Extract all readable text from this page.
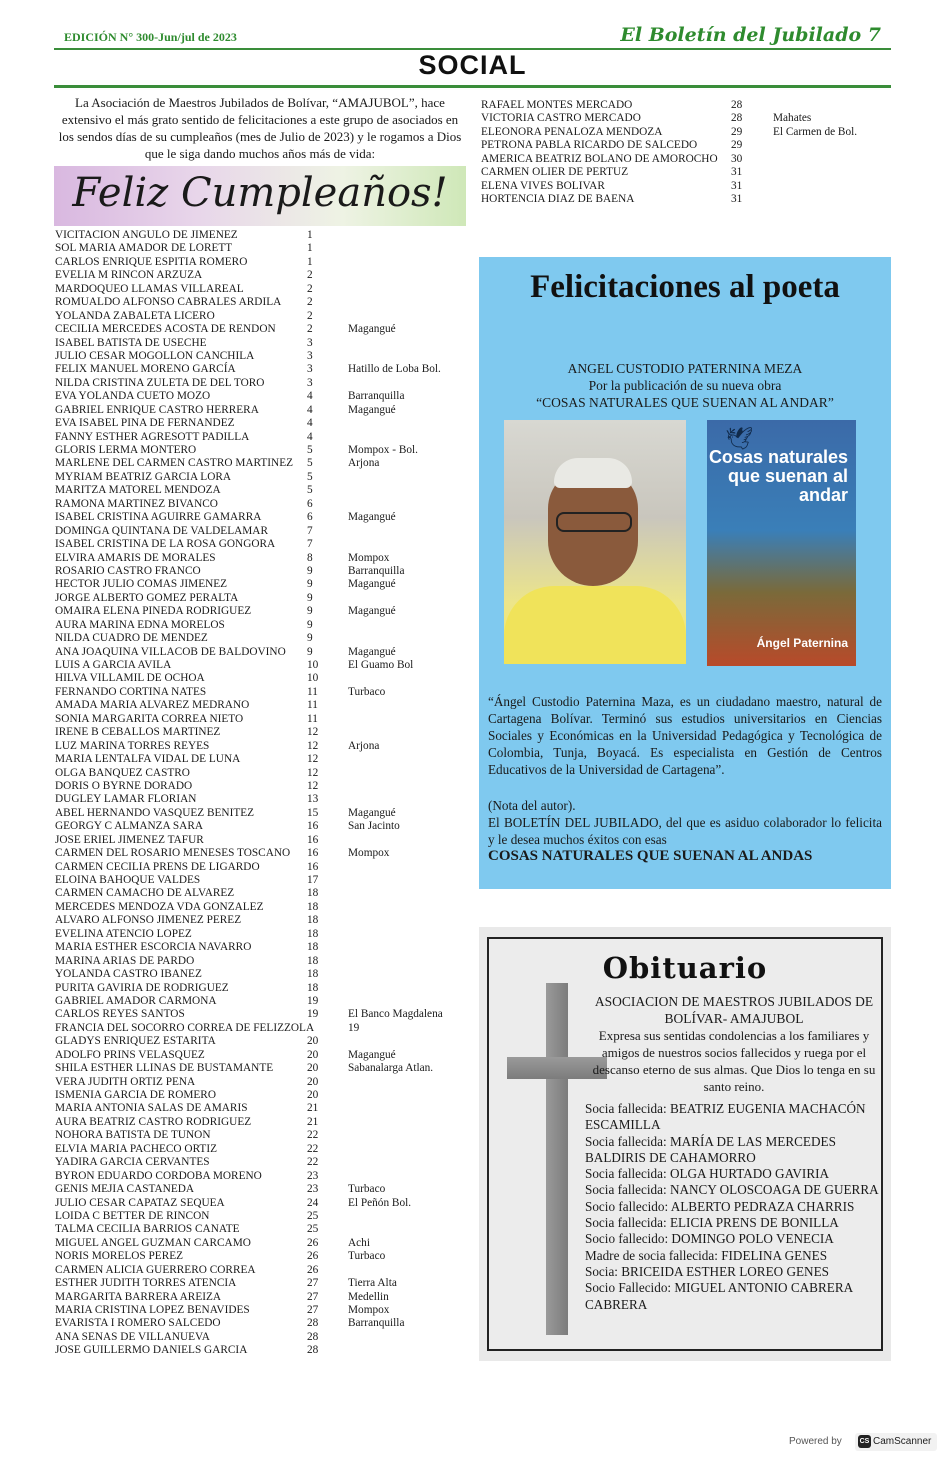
EDICIÓN N° 300-Jun/jul de 2023	El Boletín del Jubilado 7
SOCIAL
La Asociación de Maestros Jubilados de Bolívar, “AMAJUBOL”, hace extensivo el más grato sentido de felicitaciones a este grupo de asociados en los sendos días de su cumpleaños (mes de Julio de 2023) y le rogamos a Dios que le siga dando muchos años más de vida:
Feliz Cumpleaños!
VICITACION ANGULO DE JIMENEZ	1
SOL MARIA AMADOR DE LORETT	1
CARLOS ENRIQUE ESPITIA ROMERO	1
EVELIA M RINCON ARZUZA	2
MARDOQUEO LLAMAS VILLAREAL	2
ROMUALDO ALFONSO CABRALES ARDILA 2
YOLANDA ZABALETA LICERO	2
CECILIA MERCEDES ACOSTA DE RENDON	2	Magangué
ISABEL BATISTA DE USECHE	3
JULIO CESAR MOGOLLON CANCHILA	3
FELIX MANUEL MORENO GARCÍA	3	Hatillo de Loba Bol.
NILDA CRISTINA ZULETA DE DEL TORO	3
EVA YOLANDA CUETO MOZO	4	Barranquilla
GABRIEL ENRIQUE CASTRO HERRERA	4	Magangué
EVA ISABEL PINA DE FERNANDEZ	4
FANNY ESTHER AGRESOTT PADILLA	4
GLORIS LERMA MONTERO	5	Mompox - Bol.
MARLENE DEL CARMEN CASTRO MARTINEZ 5	Arjona
MYRIAM BEATRIZ GARCIA LORA	5
MARITZA MATOREL MENDOZA	5
RAMONA MARTINEZ BIVANCO	6
ISABEL CRISTINA AGUIRRE GAMARRA	6	Magangué
DOMINGA QUINTANA DE VALDELAMAR	7
ISABEL CRISTINA DE LA ROSA GONGORA	7
ELVIRA AMARIS DE MORALES	8	Mompox
ROSARIO CASTRO FRANCO	9	Barranquilla
HECTOR JULIO COMAS JIMENEZ	9	Magangué
JORGE ALBERTO GOMEZ PERALTA	9
OMAIRA ELENA PINEDA RODRIGUEZ	9	Magangué
AURA MARINA EDNA MORELOS	9
NILDA CUADRO DE MENDEZ	9
ANA JOAQUINA VILLACOB DE BALDOVINO 9	Magangué
LUIS A GARCIA AVILA	10	El Guamo Bol
HILVA VILLAMIL DE OCHOA	10
FERNANDO CORTINA NATES	11	Turbaco
AMADA MARIA ALVAREZ MEDRANO	11
SONIA MARGARITA CORREA NIETO	11
IRENE B CEBALLOS MARTINEZ	12
LUZ MARINA TORRES REYES	12	Arjona
MARIA LENTALFA VIDAL DE LUNA	12
OLGA BANQUEZ CASTRO	12
DORIS O BYRNE DORADO	12
DUGLEY LAMAR FLORIAN	13
ABEL HERNANDO VASQUEZ BENITEZ	15	Magangué
GEORGY C ALMANZA SARA	16	San Jacinto
JOSE ERIEL JIMENEZ TAFUR	16
CARMEN DEL ROSARIO MENESES TOSCANO 16	Mompox
CARMEN CECILIA PRENS DE LIGARDO	16
ELOINA BAHOQUE VALDES	17
CARMEN CAMACHO DE ALVAREZ	18
MERCEDES MENDOZA VDA GONZALEZ	18
ALVARO ALFONSO JIMENEZ PEREZ	18
EVELINA ATENCIO LOPEZ	18
MARIA ESTHER ESCORCIA NAVARRO	18
MARINA ARIAS DE PARDO	18
YOLANDA CASTRO IBANEZ	18
PURITA GAVIRIA DE RODRIGUEZ	18
GABRIEL AMADOR CARMONA	19
CARLOS REYES SANTOS	19	El Banco Magdalena
FRANCIA DEL SOCORRO CORREA DE FELIZZOLA	19
GLADYS ENRIQUEZ ESTARITA	20
ADOLFO PRINS VELASQUEZ	20	Magangué
SHILA ESTHER LLINAS DE BUSTAMANTE	20	Sabanalarga Atlan.
VERA JUDITH ORTIZ PENA	20
ISMENIA GARCIA DE ROMERO	20
MARIA ANTONIA SALAS DE AMARIS	21
AURA BEATRIZ CASTRO RODRIGUEZ	21
NOHORA BATISTA DE TUNON	22
ELVIA MARIA PACHECO ORTIZ	22
YADIRA GARCIA CERVANTES	22
BYRON EDUARDO CORDOBA MORENO	23
GENIS MEJIA CASTANEDA	23	Turbaco
JULIO CESAR CAPATAZ SEQUEA	24	El Peñón Bol.
LOIDA C BETTER DE RINCON	25
TALMA CECILIA BARRIOS CANATE	25
MIGUEL ANGEL GUZMAN CARCAMO	26	Achi
NORIS MORELOS PEREZ	26	Turbaco
CARMEN ALICIA GUERRERO CORREA	26
ESTHER JUDITH TORRES ATENCIA	27	Tierra Alta
MARGARITA BARRERA AREIZA	27	Medellin
MARIA CRISTINA LOPEZ BENAVIDES	27	Mompox
EVARISTA I ROMERO SALCEDO	28	Barranquilla
ANA SENAS DE VILLANUEVA	28
JOSE GUILLERMO DANIELS GARCIA	28
RAFAEL MONTES MERCADO	28
VICTORIA CASTRO MERCADO	28	Mahates
ELEONORA PENALOZA MENDOZA	29	El Carmen de Bol.
PETRONA PABLA RICARDO DE SALCEDO	29
AMERICA BEATRIZ BOLANO DE AMOROCHO 30
CARMEN OLIER DE PERTUZ	31
ELENA VIVES BOLIVAR	31
HORTENCIA DIAZ DE BAENA	31
Felicitaciones al poeta
ANGEL CUSTODIO PATERNINA MEZA
Por la publicación de su nueva obra
“COSAS NATURALES QUE SUENAN AL ANDAR”
🕊
Cosas naturales que suenan al andar
Ángel Paternina
“Ángel Custodio Paternina Maza, es un ciudadano maestro, natural de Cartagena Bolívar. Terminó sus estudios universitarios en Ciencias Sociales y Económicas en la Universidad Pedagógica y Tecnológica de Colombia, Tunja, Boyacá. Es especialista en Gestión de Centros Educativos de la Universidad de Cartagena”.
(Nota del autor).
El BOLETÍN DEL JUBILADO, del que es asiduo colaborador lo felicita y le desea muchos éxitos con esas
COSAS NATURALES QUE SUENAN AL ANDAS
Obituario
ASOCIACION DE MAESTROS JUBILADOS DE BOLÍVAR- AMAJUBOL
Expresa sus sentidas condolencias a los familiares y amigos de nuestros socios fallecidos y ruega por el descanso eterno de sus almas. Que Dios lo tenga en su santo reino.
Socia fallecida: BEATRIZ EUGENIA MACHACÓN ESCAMILLA
Socia fallecida: MARÍA DE LAS MERCEDES BALDIRIS DE CAHAMORRO
Socia fallecida: OLGA HURTADO GAVIRIA
Socia fallecida: NANCY OLOSCOAGA DE GUERRA
Socio fallecido: ALBERTO PEDRAZA CHARRIS
Socia fallecida: ELICIA PRENS DE BONILLA
Socio fallecido: DOMINGO POLO VENECIA
Madre de socia fallecida: FIDELINA GENES
Socia: BRICEIDA ESTHER LOREO GENES
Socio Fallecido: MIGUEL ANTONIO CABRERA CABRERA
Powered by	CS CamScanner
